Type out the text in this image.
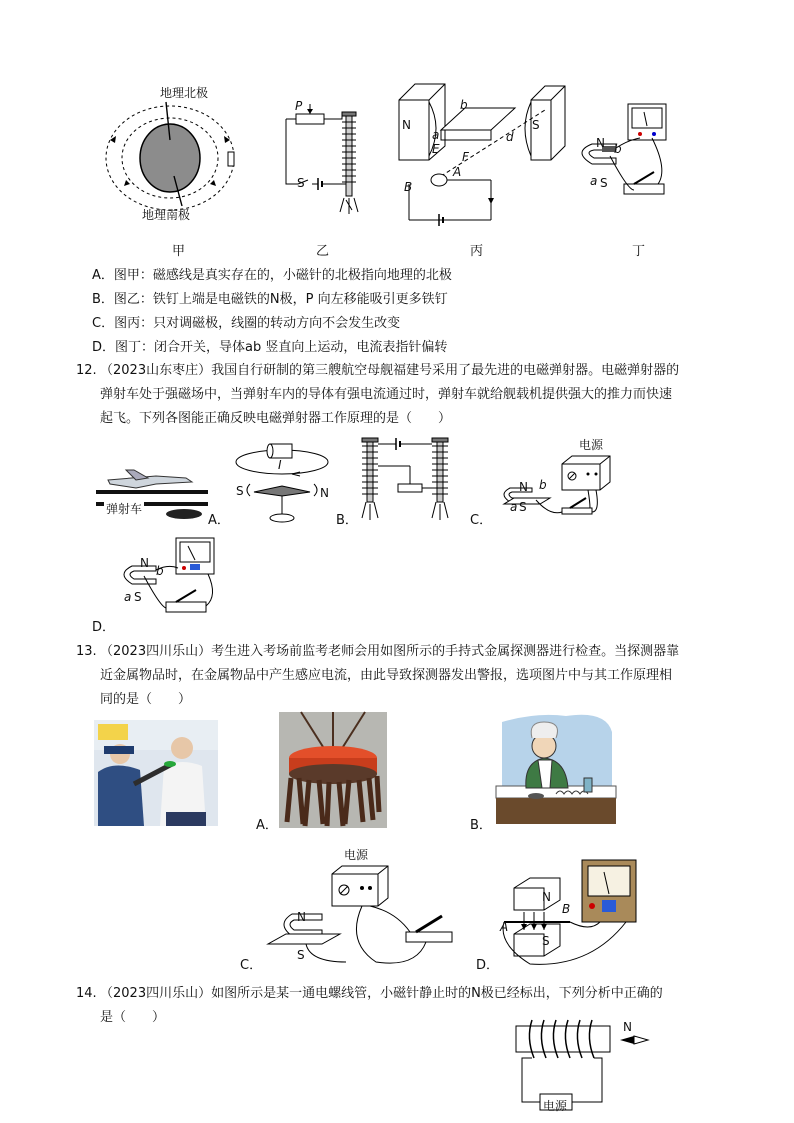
地理北极
地理南极
P
S
N	S
b
a	d
E
F
A
B
N b
a S
甲	乙	丙	丁
A．图甲：磁感线是真实存在的，小磁针的北极指向地理的北极
B．图乙：铁钉上端是电磁铁的N极，P 向左移能吸引更多铁钉
C．图丙：只对调磁极，线圈的转动方向不会发生改变
D．图丁：闭合开关，导体ab 竖直向上运动，电流表指针偏转
12. （2023山东枣庄）我国自行研制的第三艘航空母舰福建号采用了最先进的电磁弹射器。电磁弹射器的
弹射车处于强磁场中，当弹射车内的导体有强电流通过时，弹射车就给舰载机提供强大的推力而快速
起飞。下列各图能正确反映电磁弹射器工作原理的是（　　）
弹射车
A．
I
S	N
B．	C．
电源
N b
a S
N
b
a S
D．
13. （2023四川乐山）考生进入考场前监考老师会用如图所示的手持式金属探测器进行检查。当探测器靠
近金属物品时，在金属物品中产生感应电流，由此导致探测器发出警报，选项图片中与其工作原理相
同的是（　　）
A．	B．
电源
N
S
C．
N
S
A
B
D．
14. （2023四川乐山）如图所示是某一通电螺线管，小磁针静止时的N极已经标出，下列分析中正确的
是（　　）
N
电源
